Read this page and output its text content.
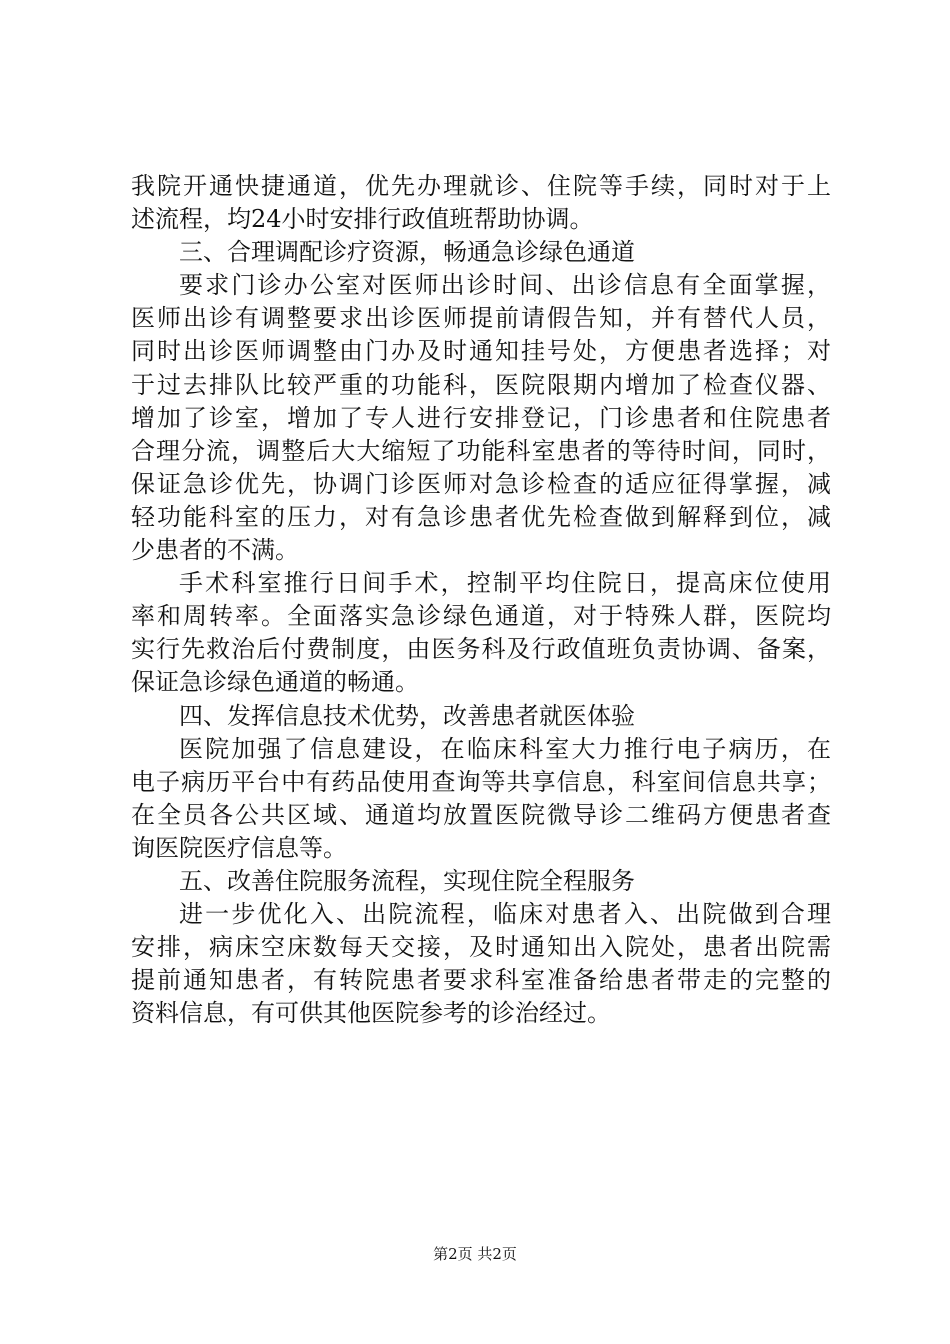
我院开通快捷通道，优先办理就诊、住院等手续，同时对于上
述流程，均24小时安排行政值班帮助协调。
三、合理调配诊疗资源，畅通急诊绿色通道
要求门诊办公室对医师出诊时间、出诊信息有全面掌握，
医师出诊有调整要求出诊医师提前请假告知，并有替代人员，
同时出诊医师调整由门办及时通知挂号处，方便患者选择；对
于过去排队比较严重的功能科，医院限期内增加了检查仪器、
增加了诊室，增加了专人进行安排登记，门诊患者和住院患者
合理分流，调整后大大缩短了功能科室患者的等待时间，同时，
保证急诊优先，协调门诊医师对急诊检查的适应征得掌握，减
轻功能科室的压力，对有急诊患者优先检查做到解释到位，减
少患者的不满。
手术科室推行日间手术，控制平均住院日，提高床位使用
率和周转率。全面落实急诊绿色通道，对于特殊人群，医院均
实行先救治后付费制度，由医务科及行政值班负责协调、备案，
保证急诊绿色通道的畅通。
四、发挥信息技术优势，改善患者就医体验
医院加强了信息建设，在临床科室大力推行电子病历，在
电子病历平台中有药品使用查询等共享信息，科室间信息共享；
在全员各公共区域、通道均放置医院微导诊二维码方便患者查
询医院医疗信息等。
五、改善住院服务流程，实现住院全程服务
进一步优化入、出院流程，临床对患者入、出院做到合理
安排，病床空床数每天交接，及时通知出入院处，患者出院需
提前通知患者，有转院患者要求科室准备给患者带走的完整的
资料信息，有可供其他医院参考的诊治经过。
第2页 共2页
